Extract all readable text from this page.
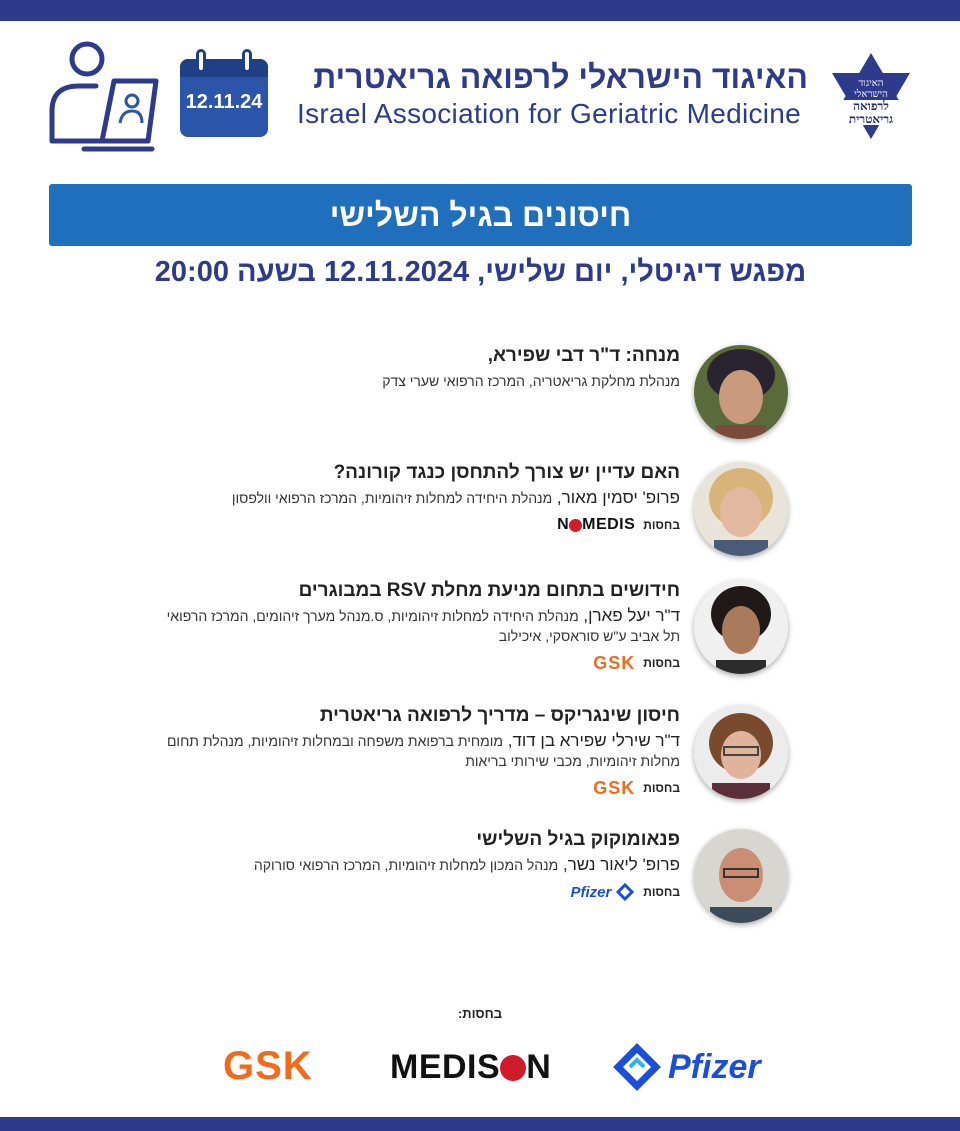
האיגוד
הישראלי
לרפואה
גריאטרית
האיגוד הישראלי לרפואה גריאטרית
Israel Association for Geriatric Medicine
12.11.24
חיסונים בגיל השלישי
מפגש דיגיטלי, יום שלישי, 12.11.2024 בשעה 20:00
מנחה: ד"ר דבי שפירא,
מנהלת מחלקת גריאטריה, המרכז הרפואי שערי צדק
האם עדיין יש צורך להתחסן כנגד קורונה?
פרופ' יסמין מאור, מנהלת היחידה למחלות זיהומיות, המרכז הרפואי וולפסון
בחסות
MEDIS
N
חידושים בתחום מניעת מחלת RSV במבוגרים
ד"ר יעל פארן, מנהלת היחידה למחלות זיהומיות, ס.מנהל מערך זיהומים, המרכז הרפואי תל אביב ע"ש סוראסקי, איכילוב
בחסות
GSK
חיסון שינגריקס – מדריך לרפואה גריאטרית
ד"ר שירלי שפירא בן דוד, מומחית ברפואת משפחה ובמחלות זיהומיות, מנהלת תחום מחלות זיהומיות, מכבי שירותי בריאות
בחסות
GSK
פנאומוקוק בגיל השלישי
פרופ' ליאור נשר, מנהל המכון למחלות זיהומיות, המרכז הרפואי סורוקה
בחסות
Pfizer
בחסות:
GSK MEDIS N	Pfizer
